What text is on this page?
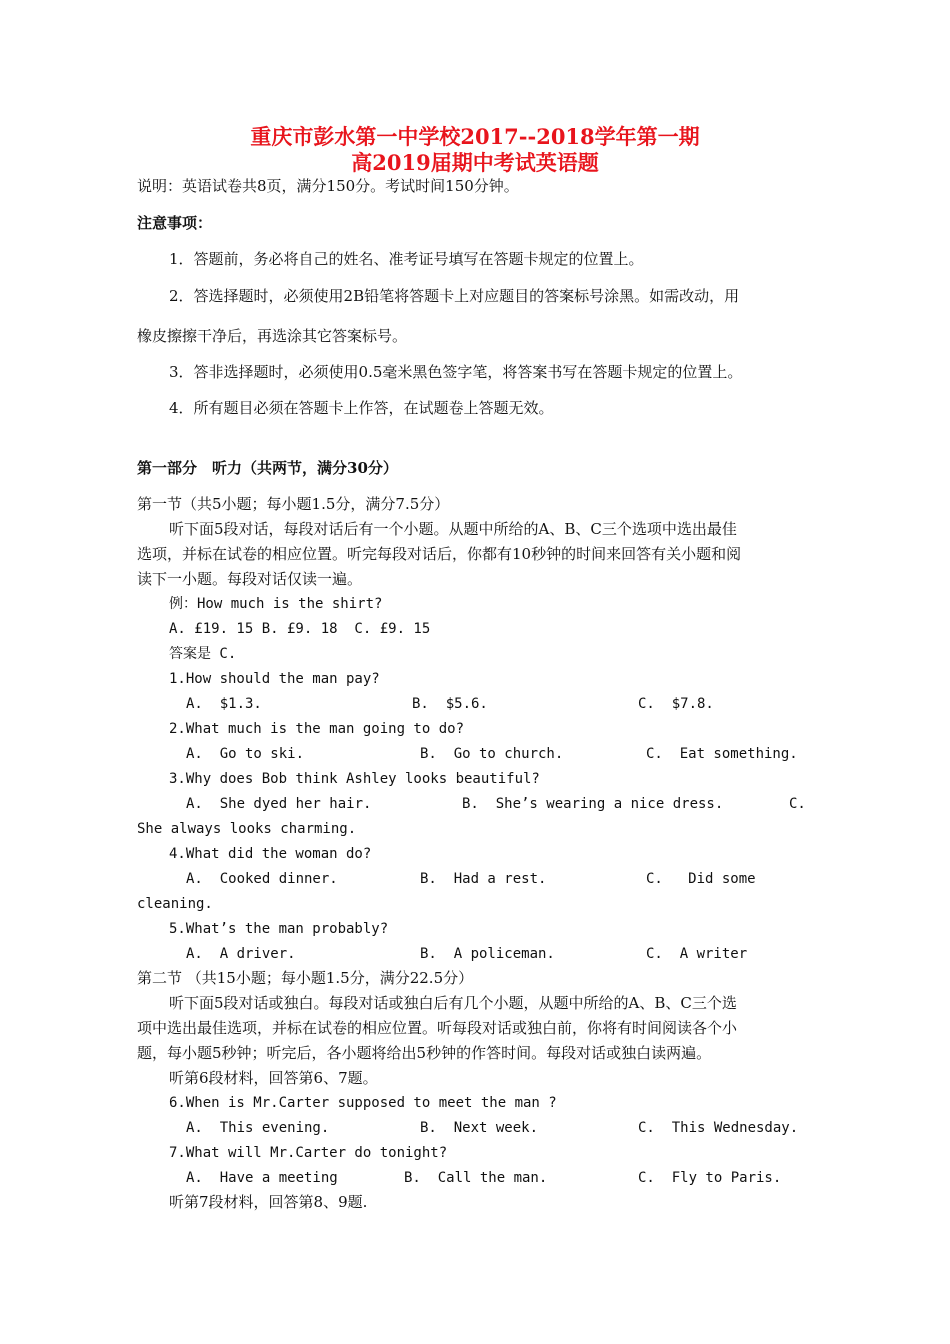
重庆市彭水第一中学校2017--2018学年第一期
高2019届期中考试英语题
说明：英语试卷共8页，满分150分。考试时间150分钟。
注意事项：
1．答题前，务必将自己的姓名、准考证号填写在答题卡规定的位置上。
2．答选择题时，必须使用2B铅笔将答题卡上对应题目的答案标号涂黑。如需改动，用
橡皮擦擦干净后，再选涂其它答案标号。
3．答非选择题时，必须使用0.5毫米黑色签字笔，将答案书写在答题卡规定的位置上。
4．所有题目必须在答题卡上作答，在试题卷上答题无效。
第一部分　听力（共两节，满分30分）
第一节（共5小题；每小题1.5分，满分7.5分）
听下面5段对话，每段对话后有一个小题。从题中所给的A、B、C三个选项中选出最佳
选项，并标在试卷的相应位置。听完每段对话后，你都有10秒钟的时间来回答有关小题和阅
读下一小题。每段对话仅读一遍。
例：How much is the shirt?
A. £19. 15 B. £9. 18  C. £9. 15
答案是 C.
1.How should the man pay?
A.  $1.3.	B.  $5.6.	C.  $7.8.
2.What much is the man going to do?
A.  Go to ski.	B.  Go to church.	C.  Eat something.
3.Why does Bob think Ashley looks beautiful?
A.  She dyed her hair.	B.  She’s wearing a nice dress.	C.
She always looks charming.
4.What did the woman do?
A.  Cooked dinner.	B.  Had a rest.	C.   Did some
cleaning.
5.What’s the man probably?
A.  A driver.	B.  A policeman.	C.  A writer
第二节 （共15小题；每小题1.5分，满分22.5分）
听下面5段对话或独白。每段对话或独白后有几个小题，从题中所给的A、B、C三个选
项中选出最佳选项，并标在试卷的相应位置。听每段对话或独白前，你将有时间阅读各个小
题，每小题5秒钟；听完后，各小题将给出5秒钟的作答时间。每段对话或独白读两遍。
听第6段材料，回答第6、7题。
6.When is Mr.Carter supposed to meet the man ?
A.  This evening.	B.  Next week.	C.  This Wednesday.
7.What will Mr.Carter do tonight?
A.  Have a meeting	B.  Call the man.	C.  Fly to Paris.
听第7段材料，回答第8、9题.
